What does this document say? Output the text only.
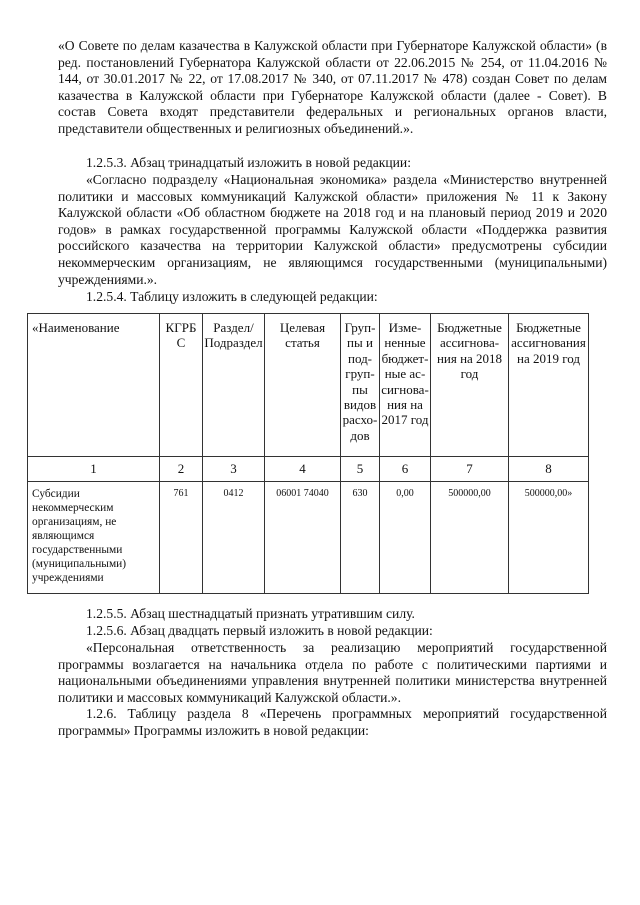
«О Совете по делам казачества в Калужской области при Губернаторе Калужской области» (в ред. постановлений Губернатора Калужской области от 22.06.2015 № 254, от 11.04.2016 № 144, от 30.01.2017 № 22, от 17.08.2017 № 340, от 07.11.2017 № 478) создан Совет по делам казачества в Калужской области при Губернаторе Калужской области (далее - Совет). В состав Совета входят представители федеральных и региональных органов власти, представители общественных и религиозных объединений.».

1.2.5.3. Абзац тринадцатый изложить в новой редакции:

«Согласно подразделу «Национальная экономика» раздела «Министерство внутренней политики и массовых коммуникаций Калужской области» приложения № 11 к Закону Калужской области «Об областном бюджете на 2018 год и на плановый период 2019 и 2020 годов» в рамках государственной программы Калужской области «Поддержка развития российского казачества на территории Калужской области» предусмотрены субсидии некоммерческим организациям, не являющимся государственными (муниципальными) учреждениями.».

1.2.5.4. Таблицу изложить в следующей редакции:

«Наименование	КГРБ С	Раздел/ Подраздел	Целевая статья	Груп- пы и под- груп- пы видов расхо- дов	Изме- ненные бюджет- ные ас- сигнова- ния на 2017 год	Бюджетные ассигнова- ния на 2018 год	Бюджетные ассигнования на 2019 год
1	2	3	4	5	6	7	8
Субсидии некоммерческим организациям, не являющимся государственными (муниципальными) учреждениями	761	0412	06001 74040	630	0,00	500000,00	500000,00»

1.2.5.5. Абзац шестнадцатый признать утратившим силу.

1.2.5.6. Абзац двадцать первый изложить в новой редакции:

«Персональная ответственность за реализацию мероприятий государственной программы возлагается на начальника отдела по работе с политическими партиями и национальными объединениями управления внутренней политики министерства внутренней политики и массовых коммуникаций Калужской области.».

1.2.6. Таблицу раздела 8 «Перечень программных мероприятий государственной программы» Программы изложить в новой редакции:
